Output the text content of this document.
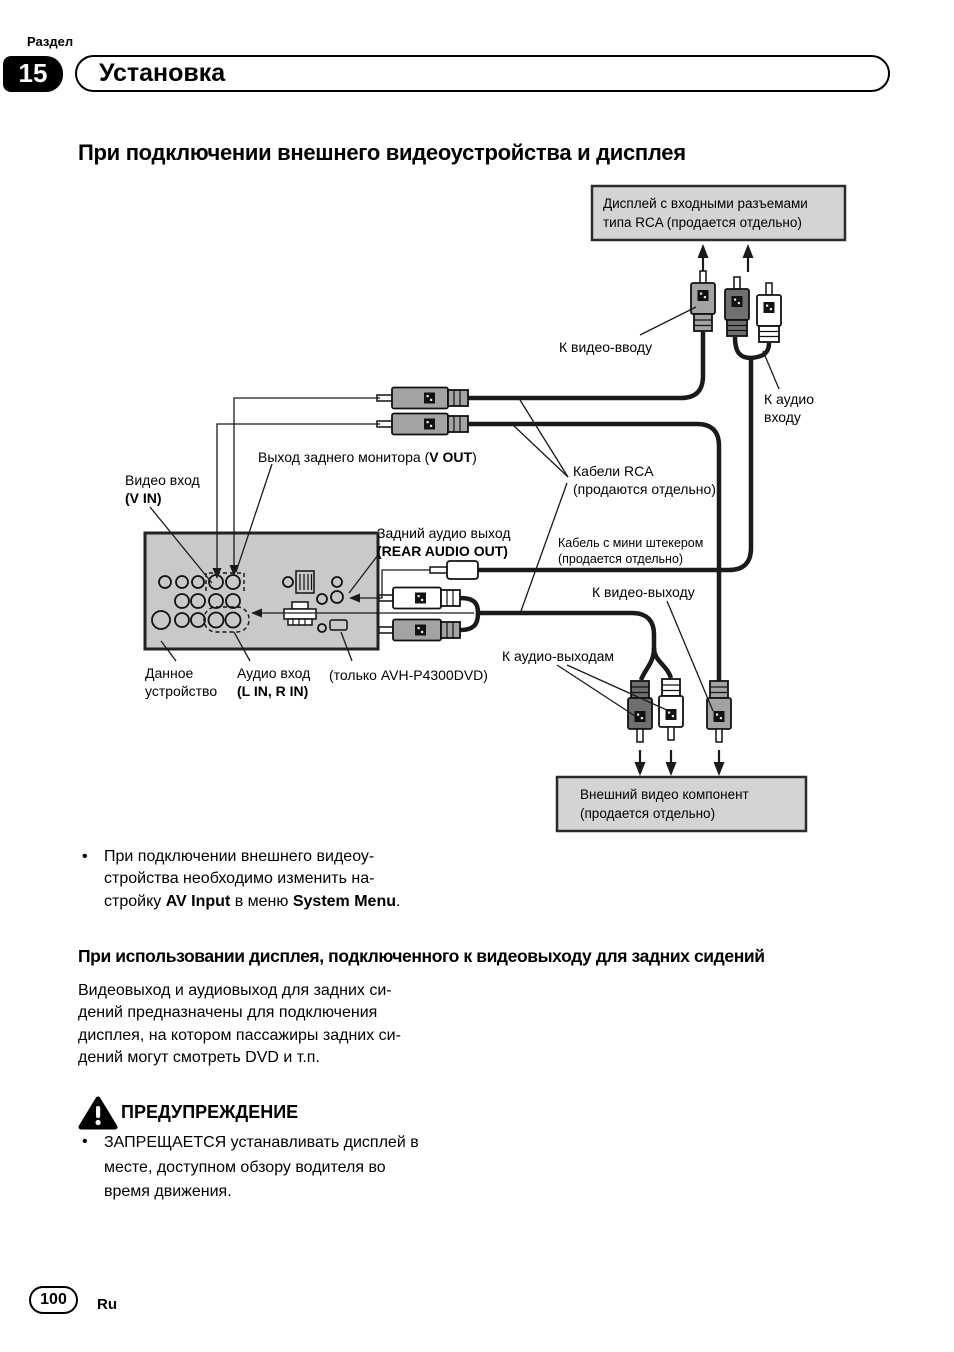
Раздел
15	Установка
При подключении внешнего видеоустройства и дисплея
Дисплей с входными разъемами
типа RCA (продается отдельно)
Внешний видео компонент
(продается отдельно)
К видео-вводу
К аудио
входу
Выход заднего монитора (V OUT)
Видео вход
(V IN)
Кабели RCA
(продаются отдельно)
Задний аудио выход
(REAR AUDIO OUT)	Кабель с мини штекером
(продается отдельно)
К видео-выходу
К аудио-выходам
Данное
устройство
Аудио вход
(L IN, R IN)
(только AVH-P4300DVD)
• При подключении внешнего видеоу-
стройства необходимо изменить на-
стройку AV Input в меню System Menu.
При использовании дисплея, подключенного к видеовыходу для задних сидений
Видеовыход и аудиовыход для задних си-
дений предназначены для подключения
дисплея, на котором пассажиры задних си-
дений могут смотреть DVD и т.п.
ПРЕДУПРЕЖДЕНИЕ
• ЗАПРЕЩАЕТСЯ устанавливать дисплей в
месте, доступном обзору водителя во
время движения.
100	Ru
